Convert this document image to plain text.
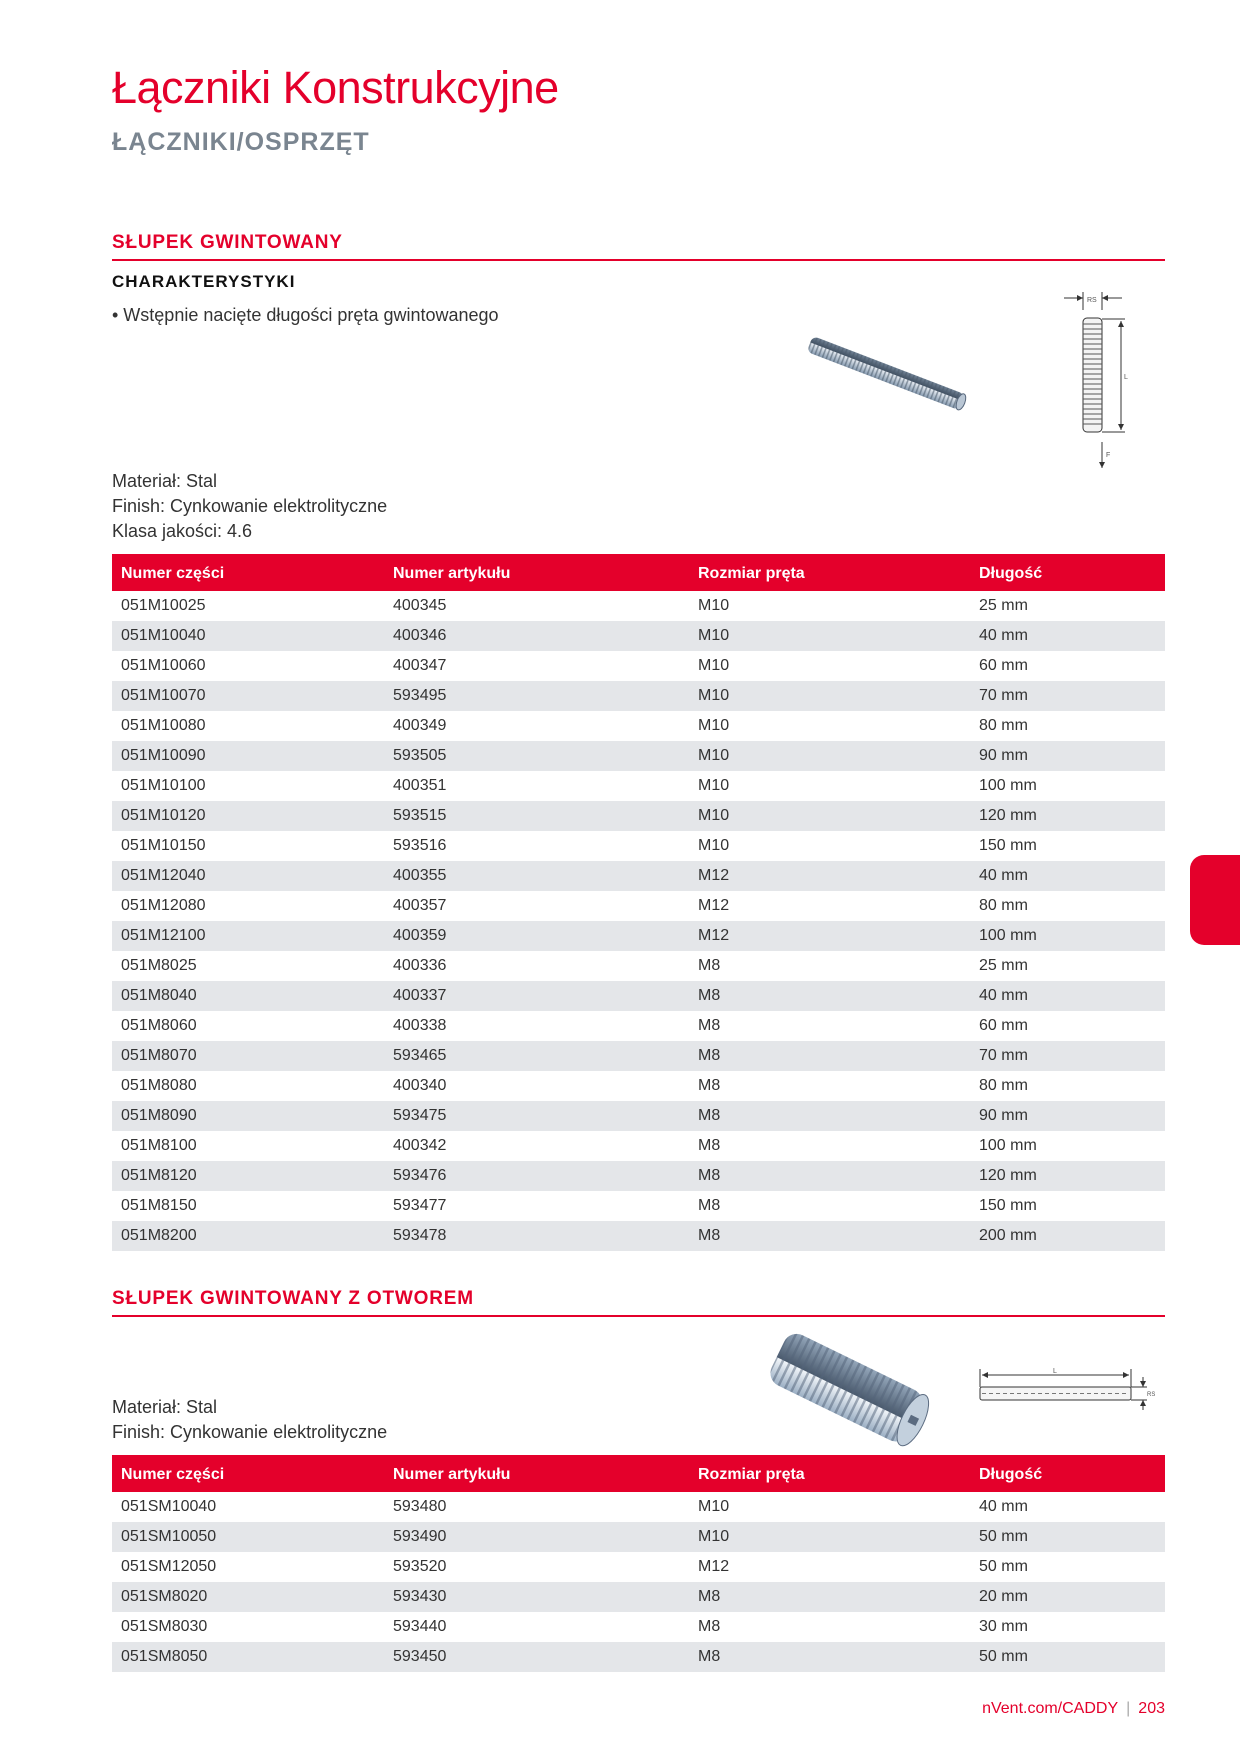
Łączniki Konstrukcyjne
ŁĄCZNIKI/OSPRZĘT
SŁUPEK GWINTOWANY
CHARAKTERYSTYKI
• Wstępnie nacięte długości pręta gwintowanego
RS
L
F
Materiał: Stal
Finish: Cynkowanie elektrolityczne
Klasa jakości: 4.6
Numer części	Numer artykułu	Rozmiar pręta	Długość
051M10025	400345	M10	25 mm
051M10040	400346	M10	40 mm
051M10060	400347	M10	60 mm
051M10070	593495	M10	70 mm
051M10080	400349	M10	80 mm
051M10090	593505	M10	90 mm
051M10100	400351	M10	100 mm
051M10120	593515	M10	120 mm
051M10150	593516	M10	150 mm
051M12040	400355	M12	40 mm
051M12080	400357	M12	80 mm
051M12100	400359	M12	100 mm
051M8025	400336	M8	25 mm
051M8040	400337	M8	40 mm
051M8060	400338	M8	60 mm
051M8070	593465	M8	70 mm
051M8080	400340	M8	80 mm
051M8090	593475	M8	90 mm
051M8100	400342	M8	100 mm
051M8120	593476	M8	120 mm
051M8150	593477	M8	150 mm
051M8200	593478	M8	200 mm
SŁUPEK GWINTOWANY Z OTWOREM
L
RS
Materiał: Stal
Finish: Cynkowanie elektrolityczne
Numer części	Numer artykułu	Rozmiar pręta	Długość
051SM10040	593480	M10	40 mm
051SM10050	593490	M10	50 mm
051SM12050	593520	M12	50 mm
051SM8020	593430	M8	20 mm
051SM8030	593440	M8	30 mm
051SM8050	593450	M8	50 mm
nVent.com/CADDY | 203
